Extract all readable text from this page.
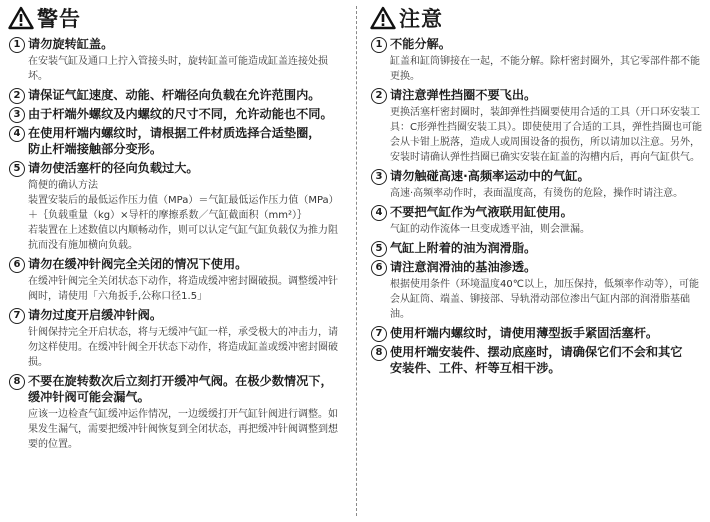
警告
1 请勿旋转缸盖。
在安装气缸及通口上拧入管接头时，旋转缸盖可能造成缸盖连接处损坏。
2 请保证气缸速度、动能、杆端径向负载在允许范围内。
3 由于杆端外螺纹及内螺纹的尺寸不同，允许动能也不同。
4 在使用杆端内螺纹时，请根据工件材质选择合适垫圈，
防止杆端接触部分变形。
5 请勿使活塞杆的径向负载过大。
简便的确认方法
装置安装后的最低运作压力值（MPa）＝气缸最低运作压力值（MPa）＋｛负载重量（kg）×导杆的摩擦系数／气缸截面积（mm²）｝
若装置在上述数值以内顺畅动作，则可以认定气缸气缸负载仅为推力阻抗而没有施加横向负载。
6 请勿在缓冲针阀完全关闭的情况下使用。
在缓冲针阀完全关闭状态下动作，将造成缓冲密封圈破损。调整缓冲针阀时，请使用「六角扳手,公称口径1.5」
7 请勿过度开启缓冲针阀。
针阀保持完全开启状态，将与无缓冲气缸一样，承受极大的冲击力，请勿这样使用。在缓冲针阀全开状态下动作，将造成缸盖或缓冲密封圈破损。
8 不要在旋转数次后立刻打开缓冲气阀。在极少数情况下，
缓冲针阀可能会漏气。
应该一边检查气缸缓冲运作情况，一边缓缓打开气缸针阀进行调整。如果发生漏气，需要把缓冲针阀恢复到全闭状态，再把缓冲针阀调整到想要的位置。
注意
1 不能分解。
缸盖和缸筒铆接在一起，不能分解。除杆密封圈外，其它零部件都不能更换。
2 请注意弹性挡圈不要飞出。
更换活塞杆密封圈时，装卸弹性挡圈要使用合适的工具（开口环安装工具：C形弹性挡圈安装工具）。即使使用了合适的工具，弹性挡圈也可能会从卡钳上脱落，造成人或周围设备的损伤，所以请加以注意。另外，安装时请确认弹性挡圈已确实安装在缸盖的沟槽内后，再向气缸供气。
3 请勿触碰高速·高频率运动中的气缸。
高速·高频率动作时，表面温度高，有烫伤的危险，操作时请注意。
4 不要把气缸作为气液联用缸使用。
气缸的动作流体一旦变成透平油，则会泄漏。
5 气缸上附着的油为润滑脂。
6 请注意润滑油的基油渗透。
根据使用条件（环境温度40℃以上，加压保持，低频率作动等），可能会从缸筒、端盖、铆接部、导轨滑动部位渗出气缸内部的润滑脂基础油。
7 使用杆端内螺纹时，请使用薄型扳手紧固活塞杆。
8 使用杆端安装件、摆动底座时，请确保它们不会和其它
安装件、工件、杆等互相干涉。
